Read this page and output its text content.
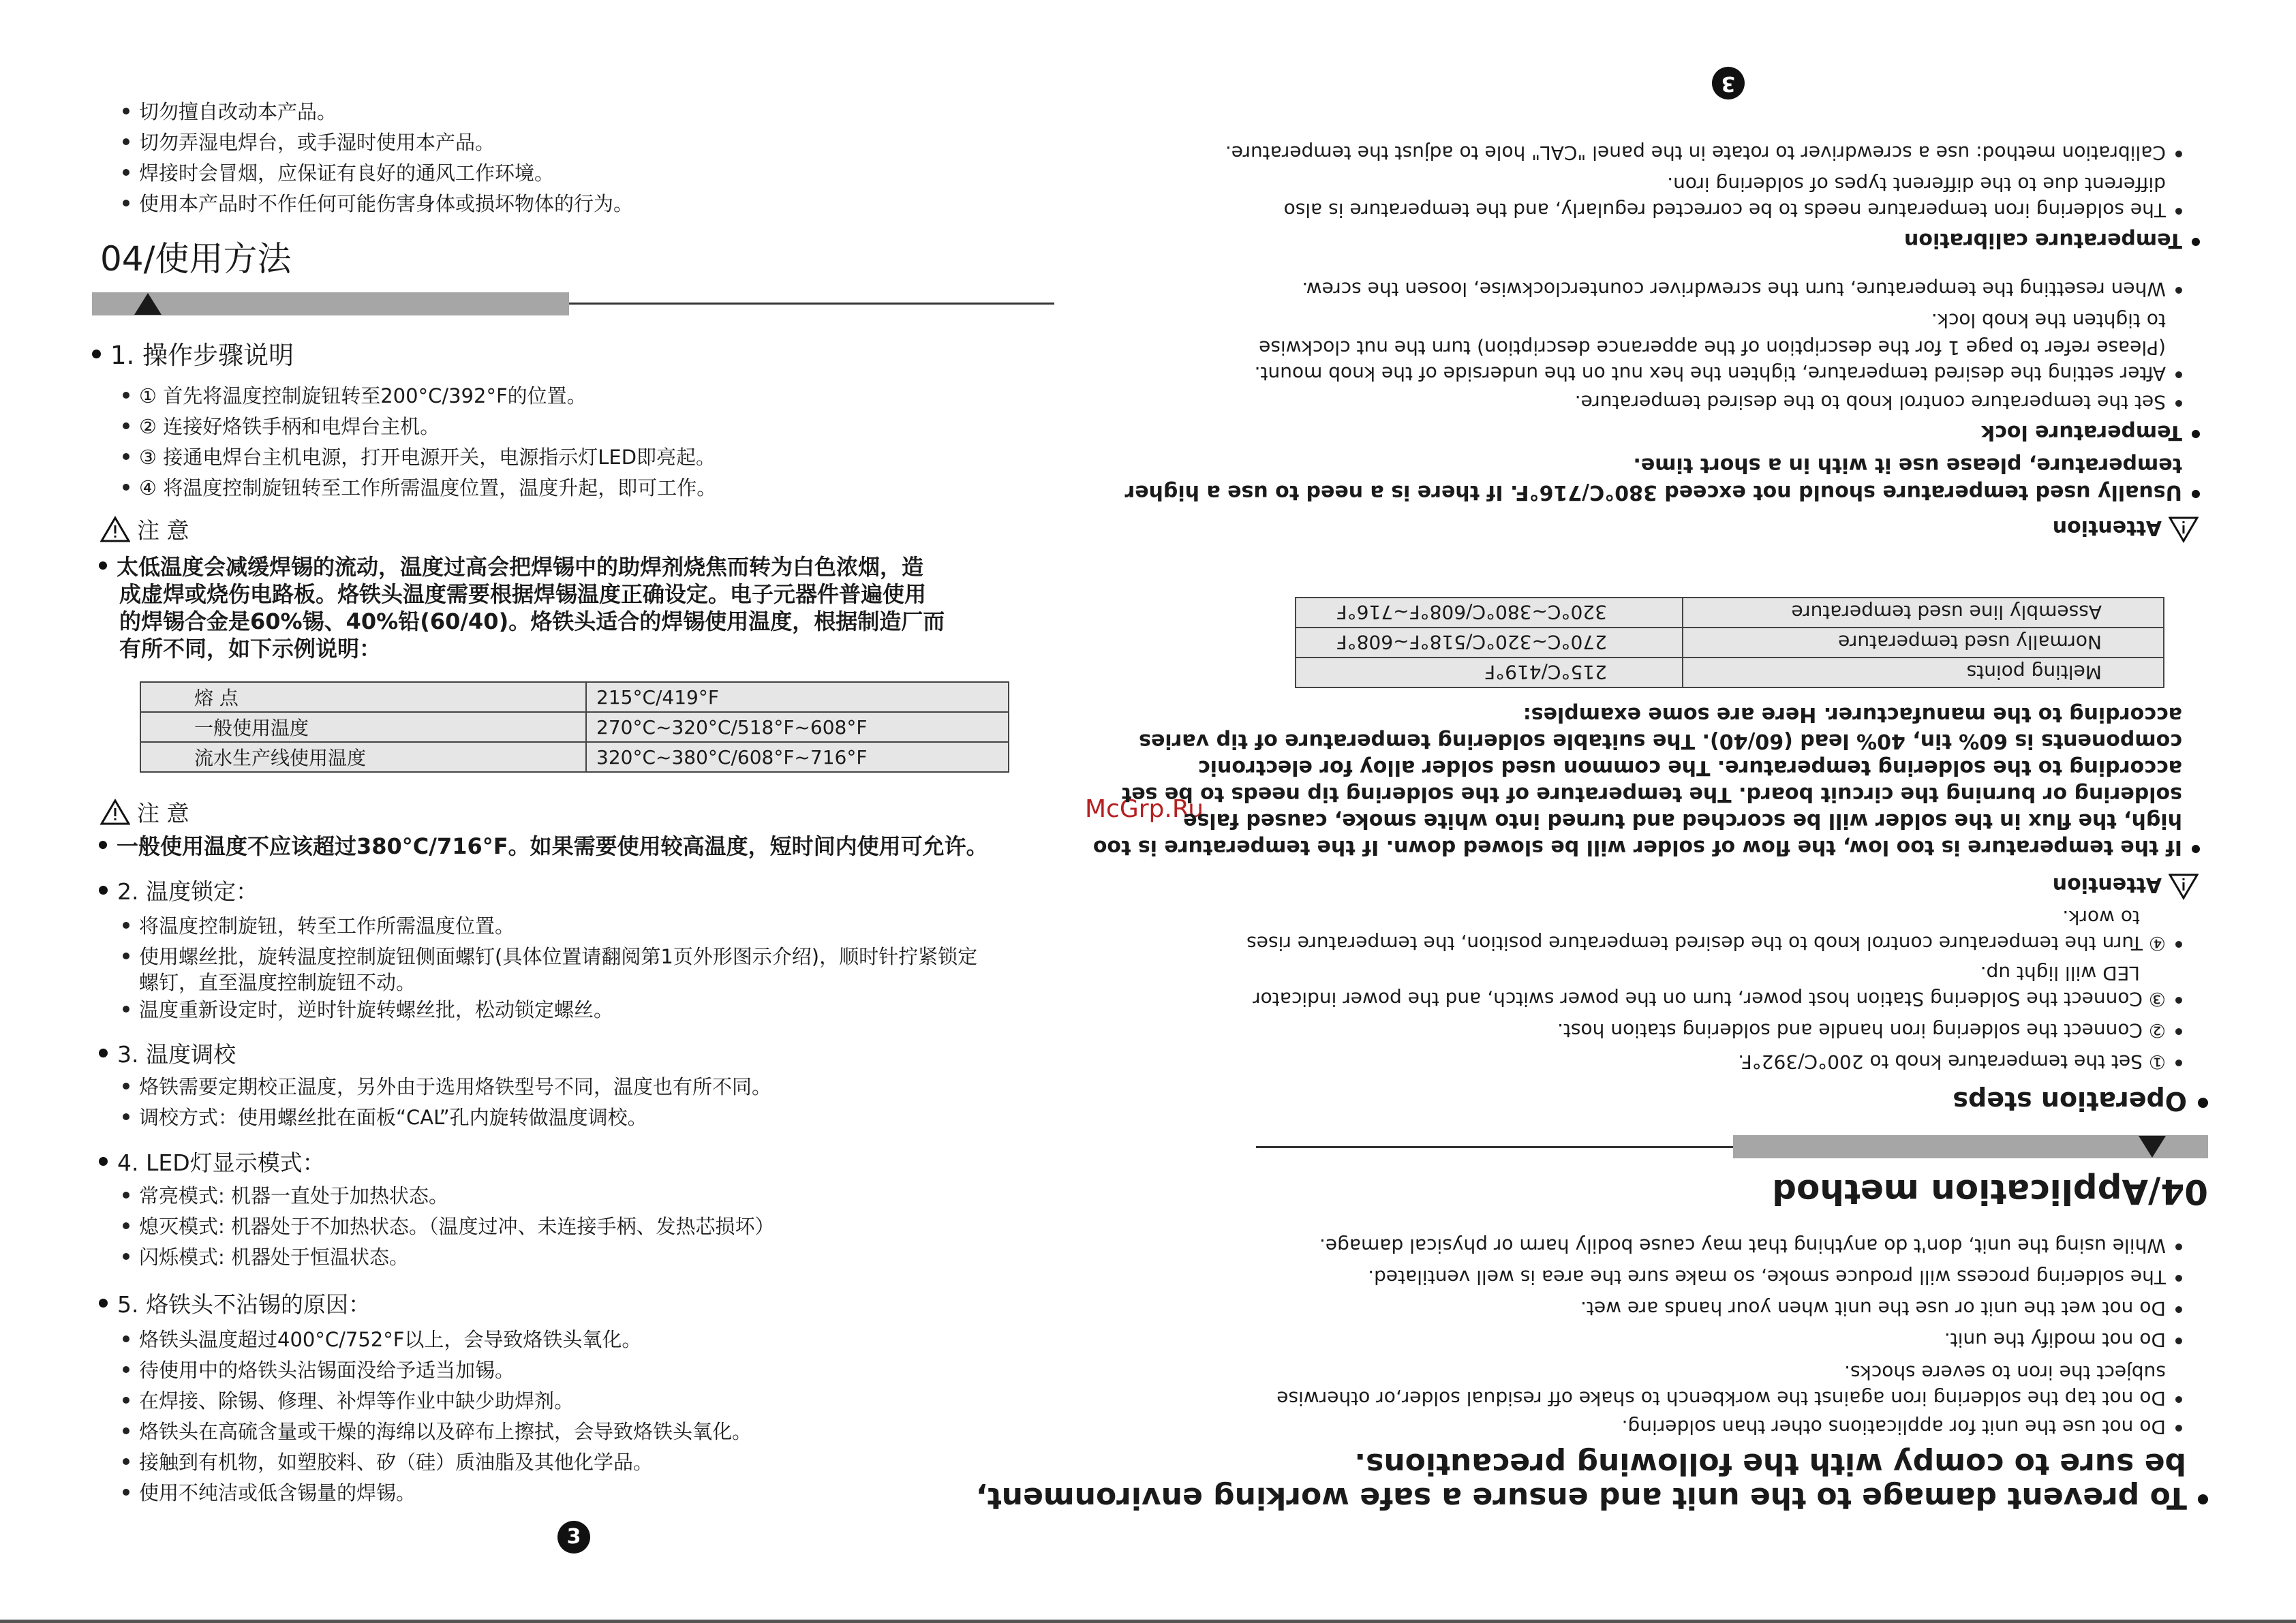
切勿擅自改动本产品。
切勿弄湿电焊台，或手湿时使用本产品。
焊接时会冒烟，应保证有良好的通风工作环境。
使用本产品时不作任何可能伤害身体或损坏物体的行为。
04/使用方法
1. 操作步骤说明
① 首先将温度控制旋钮转至200°C/392°F的位置。
② 连接好烙铁手柄和电焊台主机。
③ 接通电焊台主机电源，打开电源开关，电源指示灯LED即亮起。
④ 将温度控制旋钮转至工作所需温度位置，温度升起，即可工作。
注 意
太低温度会减缓焊锡的流动，温度过高会把焊锡中的助焊剂烧焦而转为白色浓烟，造
成虚焊或烧伤电路板。烙铁头温度需要根据焊锡温度正确设定。电子元器件普遍使用
的焊锡合金是60%锡、40%铅(60/40)。烙铁头适合的焊锡使用温度，根据制造厂而
有所不同，如下示例说明：
熔 点	215°C/419°F
一般使用温度	270°C~320°C/518°F~608°F
流水生产线使用温度	320°C~380°C/608°F~716°F
注 意
一般使用温度不应该超过380°C/716°F。如果需要使用较高温度，短时间内使用可允许。
2. 温度锁定：
将温度控制旋钮，转至工作所需温度位置。
使用螺丝批，旋转温度控制旋钮侧面螺钉(具体位置请翻阅第1页外形图示介绍)，顺时针拧紧锁定
螺钉，直至温度控制旋钮不动。
温度重新设定时，逆时针旋转螺丝批，松动锁定螺丝。
3. 温度调校
烙铁需要定期校正温度，另外由于选用烙铁型号不同，温度也有所不同。
调校方式：使用螺丝批在面板“CAL”孔内旋转做温度调校。
4. LED灯显示模式：
常亮模式: 机器一直处于加热状态。
熄灭模式: 机器处于不加热状态。（温度过冲、未连接手柄、发热芯损坏）
闪烁模式: 机器处于恒温状态。
5. 烙铁头不沾锡的原因：
烙铁头温度超过400°C/752°F以上，会导致烙铁头氧化。
待使用中的烙铁头沾锡面没给予适当加锡。
在焊接、除锡、修理、补焊等作业中缺少助焊剂。
烙铁头在高硫含量或干燥的海绵以及碎布上擦拭，会导致烙铁头氧化。
接触到有机物，如塑胶料、矽（硅）质油脂及其他化学品。
使用不纯洁或低含锡量的焊锡。
3
McGrp.Ru
To prevent damage to the unit and ensure a safe working environment,
be sure to compy with the following precautions.
Do not use the unit for applications other than soldering.
Do not tap the soldering iron against the workbench to shake off residual solder,or otherwise
subject the iron to severe shocks.
Do not modify the unit.
Do not wet the unit or use the unit when your hands are wet.
The soldering process will produce smoke, so make sure the area is well ventilated.
While using the unit, don't do anything that may cause bodily harm or physical damage.
04/Application method
Operation steps
① Set the temperature knob to 200°C/392°F.
② Connect the soldering iron handle and soldering station host.
③ Connect the Soldering Station host power, turn on the power switch, and the power indicator
LED will light up.
④ Turn the temperature control knob to the desired temperature position, the temperature rises
to work.
Attention
If the temperature is too low, the flow of solder will be slowed down. If the temperature is too
high, the flux in the solder will be scorched and turned into white smoke, caused false
soldering or burning the circuit board. The temperature of the soldering tip needs to be set
according to the soldering temperature. The common used solder alloy for electronic
components is 60% tin, 40% lead (60/40). The suitable soldering temperature of tip varies
according to the manufacturer. Here are some examples:
Melting points	215°C/419°F
Normally used temperature	270°C~320°C/518°F~608°F
Assembly line used temperature	320°C~380°C/608°F~716°F
Attention
Usually used temperature should not exceed 380°C/716°F. If there is a need to use a higher
temperature, please use it with in a short time.
Temperature lock
Set the temperature control knob to the desired temperature.
After setting the desired temperature, tighten the hex nut on the underside of the knob mount.
(Please refer to page 1 for the description of the apperance description) turn the nut clockwise
to tighten the knob lock.
When resetting the temperature, turn the screwdriver counterclockwise, loosen the screw.
Temperature calibration
The soldering iron temperature needs to be corrected regularly, and the temperature is also
different due to the different types of soldering iron.
Calibration method: use a screwdriver to rotate in the panel "CAL" hole to adjust the temperature.
3
